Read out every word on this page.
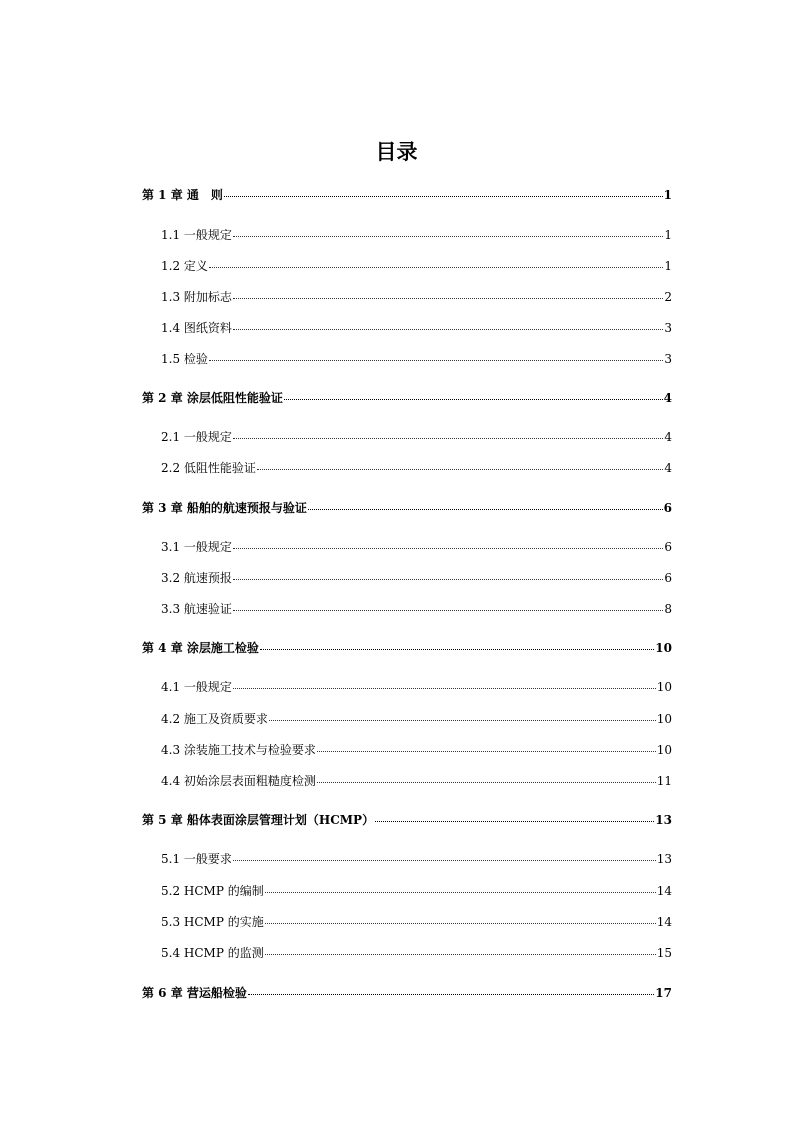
目录
第 1 章 通　则	1
1.1 一般规定	1
1.2 定义	1
1.3 附加标志	2
1.4 图纸资料	3
1.5 检验	3
第 2 章 涂层低阻性能验证	4
2.1 一般规定	4
2.2 低阻性能验证	4
第 3 章 船舶的航速预报与验证	6
3.1 一般规定	6
3.2 航速预报	6
3.3 航速验证	8
第 4 章 涂层施工检验	10
4.1 一般规定	10
4.2 施工及资质要求	10
4.3 涂装施工技术与检验要求	10
4.4 初始涂层表面粗糙度检测	11
第 5 章 船体表面涂层管理计划（HCMP）	13
5.1 一般要求	13
5.2 HCMP 的编制	14
5.3 HCMP 的实施	14
5.4 HCMP 的监测	15
第 6 章 营运船检验	17
